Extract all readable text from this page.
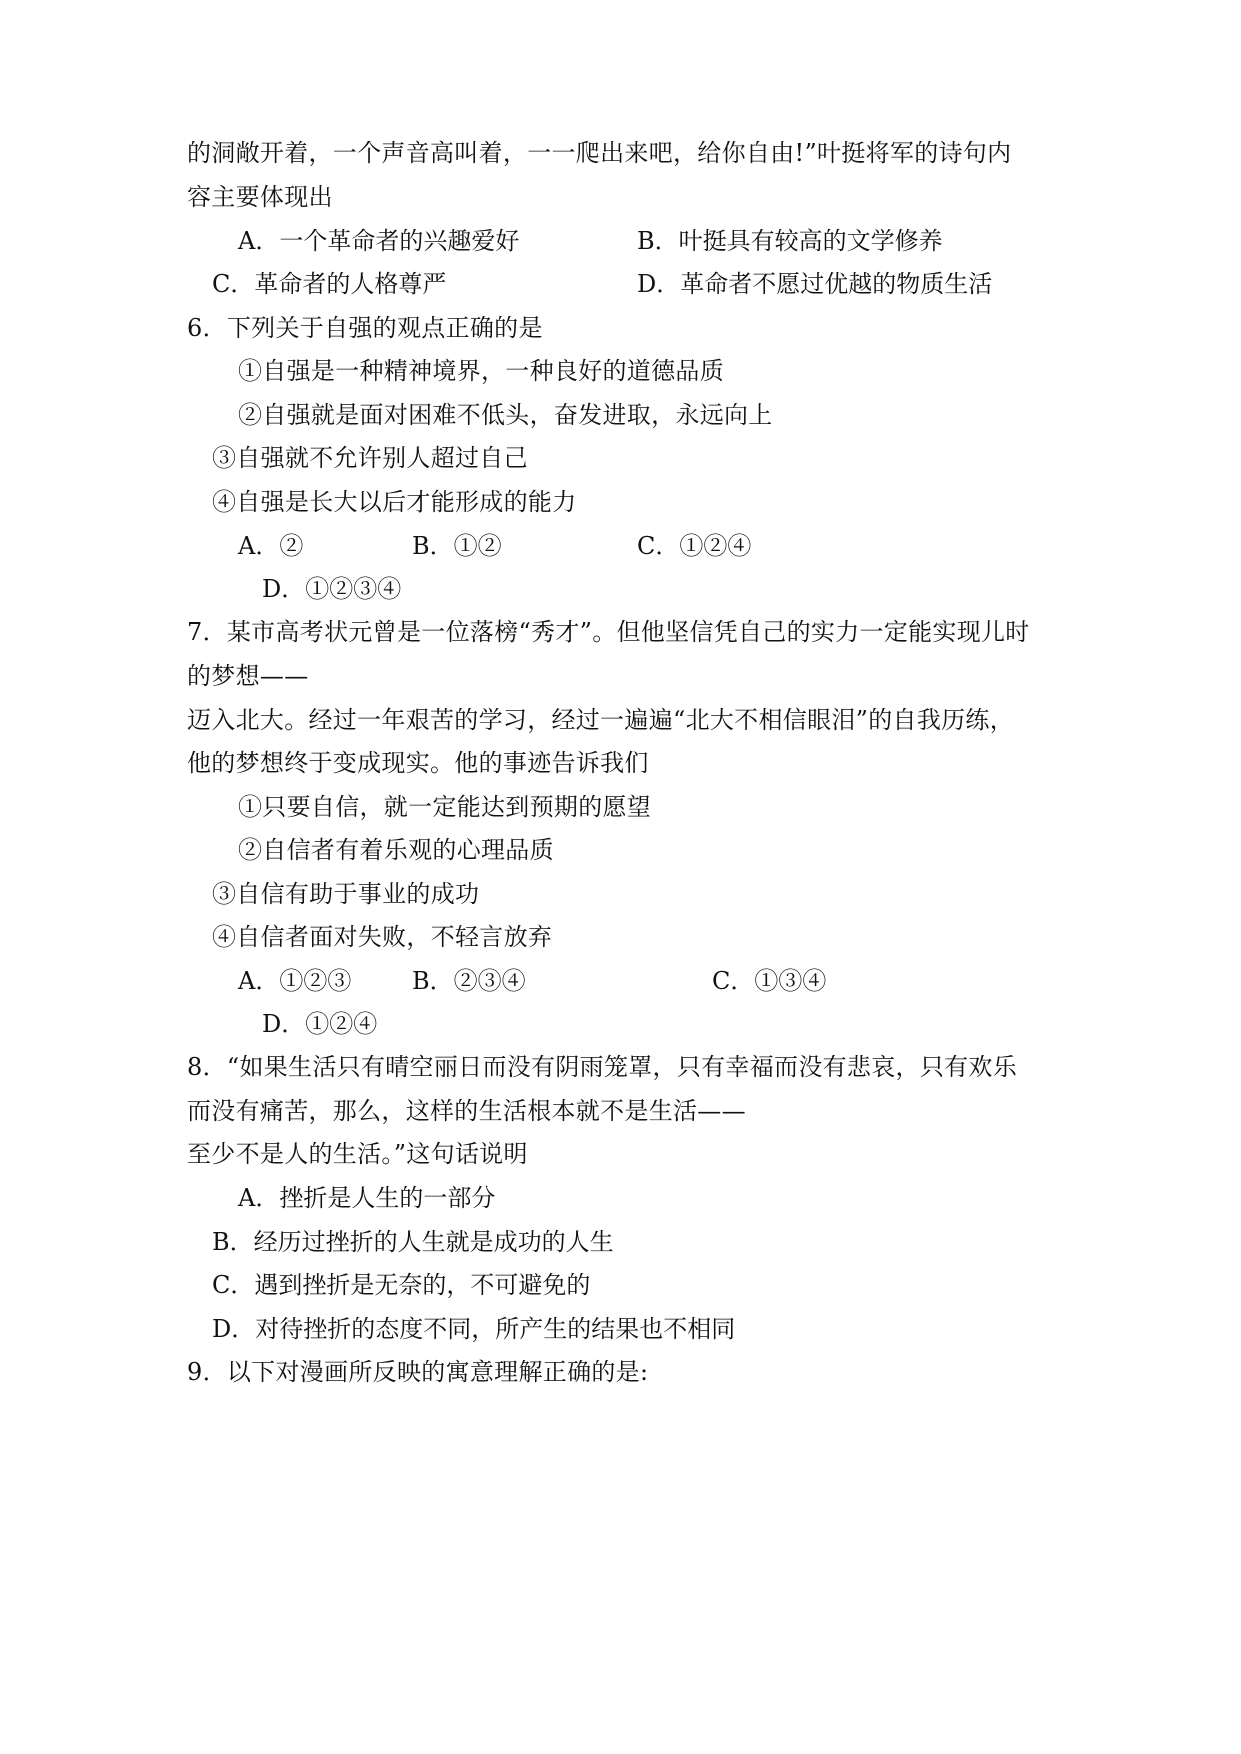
的洞敞开着，一个声音高叫着，一一爬出来吧，给你自由!”叶挺将军的诗句内
容主要体现出
A．一个革命者的兴趣爱好	B．叶挺具有较高的文学修养
C．革命者的人格尊严	D．革命者不愿过优越的物质生活
6．下列关于自强的观点正确的是
①自强是一种精神境界，一种良好的道德品质
②自强就是面对困难不低头，奋发进取，永远向上
③自强就不允许别人超过自己
④自强是长大以后才能形成的能力
A．②	B．①②	C．①②④
D．①②③④
7．某市高考状元曾是一位落榜“秀才”。但他坚信凭自己的实力一定能实现儿时
的梦想——
迈入北大。经过一年艰苦的学习，经过一遍遍“北大不相信眼泪”的自我历练，
他的梦想终于变成现实。他的事迹告诉我们
①只要自信，就一定能达到预期的愿望
②自信者有着乐观的心理品质
③自信有助于事业的成功
④自信者面对失败，不轻言放弃
A．①②③	B．②③④	C．①③④
D．①②④
8．“如果生活只有晴空丽日而没有阴雨笼罩，只有幸福而没有悲哀，只有欢乐
而没有痛苦，那么，这样的生活根本就不是生活——
至少不是人的生活。”这句话说明
A．挫折是人生的一部分
B．经历过挫折的人生就是成功的人生
C．遇到挫折是无奈的，不可避免的
D．对待挫折的态度不同，所产生的结果也不相同
9．以下对漫画所反映的寓意理解正确的是:
